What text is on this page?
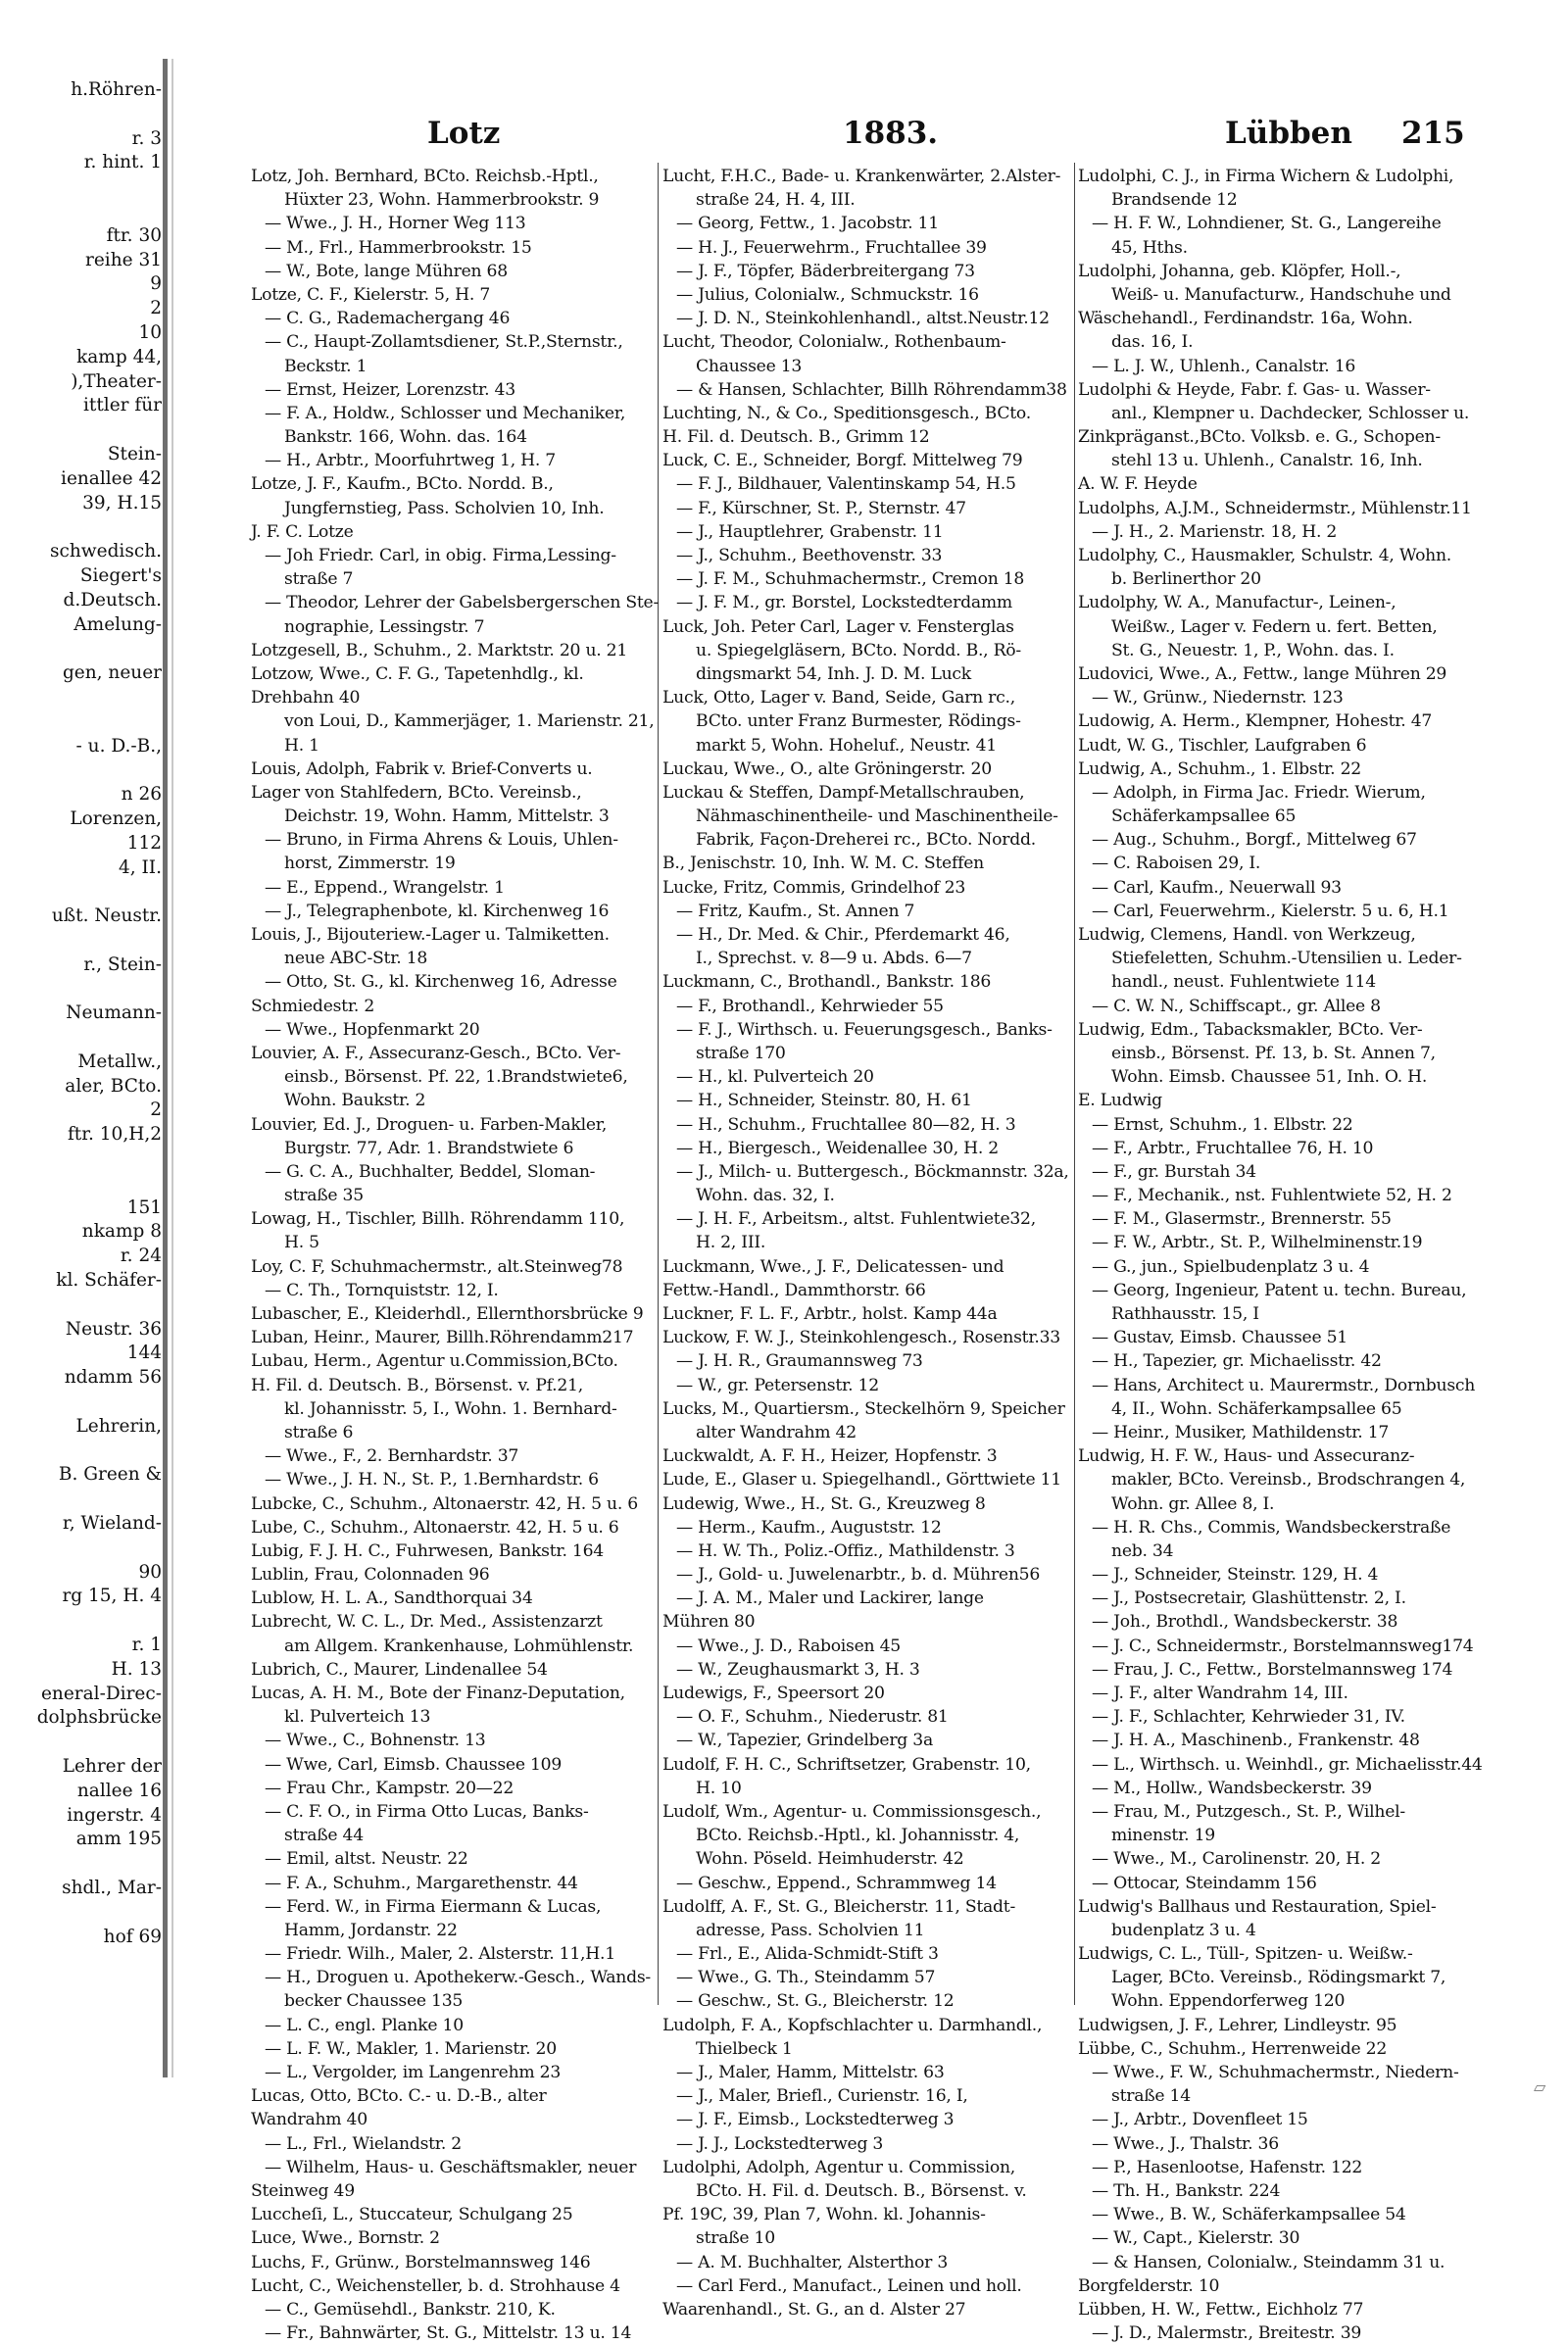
h.Röhren-
r. 3
r. hint. 1
ftr. 30
reihe 31
9
2
10
kamp 44,
),Theater-
ittler für
Stein-
ienallee 42
39, H.15
schwedisch.
Siegert's
d.Deutsch.
Amelung-
gen, neuer
- u. D.-B.,
n 26
Lorenzen,
112
4, II.
ußt. Neustr.
r., Stein-
Neumann-
Metallw.,
aler, BCto.
2
ftr. 10,H,2
151
nkamp 8
r. 24
kl. Schäfer-
Neustr. 36
144
ndamm 56
Lehrerin,
B. Green &
r, Wieland-
90
rg 15, H. 4
r. 1
H. 13
eneral-Direc-
dolphsbrücke
Lehrer der
nallee 16
ingerstr. 4
amm 195
shdl., Mar-
hof 69
Lotz	1883.	Lübben 215
Lotz, Joh. Bernhard, BCto. Reichsb.-Hptl.,
Hüxter 23, Wohn. Hammerbrookstr. 9
— Wwe., J. H., Horner Weg 113
— M., Frl., Hammerbrookstr. 15
— W., Bote, lange Mühren 68
Lotze, C. F., Kielerstr. 5, H. 7
— C. G., Rademachergang 46
— C., Haupt-Zollamtsdiener, St.P.,Sternstr.,
Beckstr. 1
— Ernst, Heizer, Lorenzstr. 43
— F. A., Holdw., Schlosser und Mechaniker,
Bankstr. 166, Wohn. das. 164
— H., Arbtr., Moorfuhrtweg 1, H. 7
Lotze, J. F., Kaufm., BCto. Nordd. B.,
Jungfernstieg, Pass. Scholvien 10, Inh.
J. F. C. Lotze
— Joh Friedr. Carl, in obig. Firma,Lessing-
straße 7
— Theodor, Lehrer der Gabelsbergerschen Ste-
nographie, Lessingstr. 7
Lotzgesell, B., Schuhm., 2. Marktstr. 20 u. 21
Lotzow, Wwe., C. F. G., Tapetenhdlg., kl.
Drehbahn 40
von Loui, D., Kammerjäger, 1. Marienstr. 21,
H. 1
Louis, Adolph, Fabrik v. Brief-Converts u.
Lager von Stahlfedern, BCto. Vereinsb.,
Deichstr. 19, Wohn. Hamm, Mittelstr. 3
— Bruno, in Firma Ahrens & Louis, Uhlen-
horst, Zimmerstr. 19
— E., Eppend., Wrangelstr. 1
— J., Telegraphenbote, kl. Kirchenweg 16
Louis, J., Bijouteriew.-Lager u. Talmiketten.
neue ABC-Str. 18
— Otto, St. G., kl. Kirchenweg 16, Adresse
Schmiedestr. 2
— Wwe., Hopfenmarkt 20
Louvier, A. F., Assecuranz-Gesch., BCto. Ver-
einsb., Börsenst. Pf. 22, 1.Brandstwiete6,
Wohn. Baukstr. 2
Louvier, Ed. J., Droguen- u. Farben-Makler,
Burgstr. 77, Adr. 1. Brandstwiete 6
— G. C. A., Buchhalter, Beddel, Sloman-
straße 35
Lowag, H., Tischler, Billh. Röhrendamm 110,
H. 5
Loy, C. F, Schuhmachermstr., alt.Steinweg78
— C. Th., Tornquiststr. 12, I.
Lubascher, E., Kleiderhdl., Ellernthorsbrücke 9
Luban, Heinr., Maurer, Billh.Röhrendamm217
Lubau, Herm., Agentur u.Commission,BCto.
H. Fil. d. Deutsch. B., Börsenst. v. Pf.21,
kl. Johannisstr. 5, I., Wohn. 1. Bernhard-
straße 6
— Wwe., F., 2. Bernhardstr. 37
— Wwe., J. H. N., St. P., 1.Bernhardstr. 6
Lubcke, C., Schuhm., Altonaerstr. 42, H. 5 u. 6
Lube, C., Schuhm., Altonaerstr. 42, H. 5 u. 6
Lubig, F. J. H. C., Fuhrwesen, Bankstr. 164
Lublin, Frau, Colonnaden 96
Lublow, H. L. A., Sandthorquai 34
Lubrecht, W. C. L., Dr. Med., Assistenzarzt
am Allgem. Krankenhause, Lohmühlenstr.
Lubrich, C., Maurer, Lindenallee 54
Lucas, A. H. M., Bote der Finanz-Deputation,
kl. Pulverteich 13
— Wwe., C., Bohnenstr. 13
— Wwe, Carl, Eimsb. Chaussee 109
— Frau Chr., Kampstr. 20—22
— C. F. O., in Firma Otto Lucas, Banks-
straße 44
— Emil, altst. Neustr. 22
— F. A., Schuhm., Margarethenstr. 44
— Ferd. W., in Firma Eiermann & Lucas,
Hamm, Jordanstr. 22
— Friedr. Wilh., Maler, 2. Alsterstr. 11,H.1
— H., Droguen u. Apothekerw.-Gesch., Wands-
becker Chaussee 135
— L. C., engl. Planke 10
— L. F. W., Makler, 1. Marienstr. 20
— L., Vergolder, im Langenrehm 23
Lucas, Otto, BCto. C.- u. D.-B., alter
Wandrahm 40
— L., Frl., Wielandstr. 2
— Wilhelm, Haus- u. Geschäftsmakler, neuer
Steinweg 49
Luccheſi, L., Stuccateur, Schulgang 25
Luce, Wwe., Bornstr. 2
Luchs, F., Grünw., Borstelmannsweg 146
Lucht, C., Weichensteller, b. d. Strohhause 4
— C., Gemüsehdl., Bankstr. 210, K.
— Fr., Bahnwärter, St. G., Mittelstr. 13 u. 14
Lucht, F.H.C., Bade- u. Krankenwärter, 2.Alster-
straße 24, H. 4, III.
— Georg, Fettw., 1. Jacobstr. 11
— H. J., Feuerwehrm., Fruchtallee 39
— J. F., Töpfer, Bäderbreitergang 73
— Julius, Colonialw., Schmuckstr. 16
— J. D. N., Steinkohlenhandl., altst.Neustr.12
Lucht, Theodor, Colonialw., Rothenbaum-
Chaussee 13
— & Hansen, Schlachter, Billh Röhrendamm38
Luchting, N., & Co., Speditionsgesch., BCto.
H. Fil. d. Deutsch. B., Grimm 12
Luck, C. E., Schneider, Borgf. Mittelweg 79
— F. J., Bildhauer, Valentinskamp 54, H.5
— F., Kürschner, St. P., Sternstr. 47
— J., Hauptlehrer, Grabenstr. 11
— J., Schuhm., Beethovenstr. 33
— J. F. M., Schuhmachermstr., Cremon 18
— J. F. M., gr. Borstel, Lockstedterdamm
Luck, Joh. Peter Carl, Lager v. Fensterglas
u. Spiegelgläsern, BCto. Nordd. B., Rö-
dingsmarkt 54, Inh. J. D. M. Luck
Luck, Otto, Lager v. Band, Seide, Garn rc.,
BCto. unter Franz Burmester, Rödings-
markt 5, Wohn. Hoheluf., Neustr. 41
Luckau, Wwe., O., alte Gröningerstr. 20
Luckau & Steffen, Dampf-Metallschrauben,
Nähmaschinentheile- und Maschinentheile-
Fabrik, Façon-Dreherei rc., BCto. Nordd.
B., Jenischstr. 10, Inh. W. M. C. Steffen
Lucke, Fritz, Commis, Grindelhof 23
— Fritz, Kaufm., St. Annen 7
— H., Dr. Med. & Chir., Pferdemarkt 46,
I., Sprechst. v. 8—9 u. Abds. 6—7
Luckmann, C., Brothandl., Bankstr. 186
— F., Brothandl., Kehrwieder 55
— F. J., Wirthsch. u. Feuerungsgesch., Banks-
straße 170
— H., kl. Pulverteich 20
— H., Schneider, Steinstr. 80, H. 61
— H., Schuhm., Fruchtallee 80—82, H. 3
— H., Biergesch., Weidenallee 30, H. 2
— J., Milch- u. Buttergesch., Böckmannstr. 32a,
Wohn. das. 32, I.
— J. H. F., Arbeitsm., altst. Fuhlentwiete32,
H. 2, III.
Luckmann, Wwe., J. F., Delicatessen- und
Fettw.-Handl., Dammthorstr. 66
Luckner, F. L. F., Arbtr., holst. Kamp 44a
Luckow, F. W. J., Steinkohlengesch., Rosenstr.33
— J. H. R., Graumannsweg 73
— W., gr. Petersenstr. 12
Lucks, M., Quartiersm., Steckelhörn 9, Speicher
alter Wandrahm 42
Luckwaldt, A. F. H., Heizer, Hopfenstr. 3
Lude, E., Glaser u. Spiegelhandl., Görttwiete 11
Ludewig, Wwe., H., St. G., Kreuzweg 8
— Herm., Kaufm., Auguststr. 12
— H. W. Th., Poliz.-Offiz., Mathildenstr. 3
— J., Gold- u. Juwelenarbtr., b. d. Mühren56
— J. A. M., Maler und Lackirer, lange
Mühren 80
— Wwe., J. D., Raboisen 45
— W., Zeughausmarkt 3, H. 3
Ludewigs, F., Speersort 20
— O. F., Schuhm., Niederustr. 81
— W., Tapezier, Grindelberg 3a
Ludolf, F. H. C., Schriftsetzer, Grabenstr. 10,
H. 10
Ludolf, Wm., Agentur- u. Commissionsgesch.,
BCto. Reichsb.-Hptl., kl. Johannisstr. 4,
Wohn. Pöseld. Heimhuderstr. 42
— Geschw., Eppend., Schrammweg 14
Ludolff, A. F., St. G., Bleicherstr. 11, Stadt-
adresse, Pass. Scholvien 11
— Frl., E., Alida-Schmidt-Stift 3
— Wwe., G. Th., Steindamm 57
— Geschw., St. G., Bleicherstr. 12
Ludolph, F. A., Kopfschlachter u. Darmhandl.,
Thielbeck 1
— J., Maler, Hamm, Mittelstr. 63
— J., Maler, Briefl., Curienstr. 16, I,
— J. F., Eimsb., Lockstedterweg 3
— J. J., Lockstedterweg 3
Ludolphi, Adolph, Agentur u. Commission,
BCto. H. Fil. d. Deutsch. B., Börsenst. v.
Pf. 19C, 39, Plan 7, Wohn. kl. Johannis-
straße 10
— A. M. Buchhalter, Alsterthor 3
— Carl Ferd., Manufact., Leinen und holl.
Waarenhandl., St. G., an d. Alster 27
Ludolphi, C. J., in Firma Wichern & Ludolphi,
Brandsende 12
— H. F. W., Lohndiener, St. G., Langereihe
45, Hths.
Ludolphi, Johanna, geb. Klöpfer, Holl.-,
Weiß- u. Manufacturw., Handschuhe und
Wäschehandl., Ferdinandstr. 16a, Wohn.
das. 16, I.
— L. J. W., Uhlenh., Canalstr. 16
Ludolphi & Heyde, Fabr. f. Gas- u. Wasser-
anl., Klempner u. Dachdecker, Schlosser u.
Zinkpräganst.,BCto. Volksb. e. G., Schopen-
stehl 13 u. Uhlenh., Canalstr. 16, Inh.
A. W. F. Heyde
Ludolphs, A.J.M., Schneidermstr., Mühlenstr.11
— J. H., 2. Marienstr. 18, H. 2
Ludolphy, C., Hausmakler, Schulstr. 4, Wohn.
b. Berlinerthor 20
Ludolphy, W. A., Manufactur-, Leinen-,
Weißw., Lager v. Federn u. fert. Betten,
St. G., Neuestr. 1, P., Wohn. das. I.
Ludovici, Wwe., A., Fettw., lange Mühren 29
— W., Grünw., Niedernstr. 123
Ludowig, A. Herm., Klempner, Hohestr. 47
Ludt, W. G., Tischler, Laufgraben 6
Ludwig, A., Schuhm., 1. Elbstr. 22
— Adolph, in Firma Jac. Friedr. Wierum,
Schäferkampsallee 65
— Aug., Schuhm., Borgf., Mittelweg 67
— C. Raboisen 29, I.
— Carl, Kaufm., Neuerwall 93
— Carl, Feuerwehrm., Kielerstr. 5 u. 6, H.1
Ludwig, Clemens, Handl. von Werkzeug,
Stiefeletten, Schuhm.-Utensilien u. Leder-
handl., neust. Fuhlentwiete 114
— C. W. N., Schiffscapt., gr. Allee 8
Ludwig, Edm., Tabacksmakler, BCto. Ver-
einsb., Börsenst. Pf. 13, b. St. Annen 7,
Wohn. Eimsb. Chaussee 51, Inh. O. H.
E. Ludwig
— Ernst, Schuhm., 1. Elbstr. 22
— F., Arbtr., Fruchtallee 76, H. 10
— F., gr. Burstah 34
— F., Mechanik., nst. Fuhlentwiete 52, H. 2
— F. M., Glasermstr., Brennerstr. 55
— F. W., Arbtr., St. P., Wilhelminenstr.19
— G., jun., Spielbudenplatz 3 u. 4
— Georg, Ingenieur, Patent u. techn. Bureau,
Rathhausstr. 15, I
— Gustav, Eimsb. Chaussee 51
— H., Tapezier, gr. Michaelisstr. 42
— Hans, Architect u. Maurermstr., Dornbusch
4, II., Wohn. Schäferkampsallee 65
— Heinr., Musiker, Mathildenstr. 17
Ludwig, H. F. W., Haus- und Assecuranz-
makler, BCto. Vereinsb., Brodschrangen 4,
Wohn. gr. Allee 8, I.
— H. R. Chs., Commis, Wandsbeckerstraße
neb. 34
— J., Schneider, Steinstr. 129, H. 4
— J., Postsecretair, Glashüttenstr. 2, I.
— Joh., Brothdl., Wandsbeckerstr. 38
— J. C., Schneidermstr., Borstelmannsweg174
— Frau, J. C., Fettw., Borstelmannsweg 174
— J. F., alter Wandrahm 14, III.
— J. F., Schlachter, Kehrwieder 31, IV.
— J. H. A., Maschinenb., Frankenstr. 48
— L., Wirthsch. u. Weinhdl., gr. Michaelisstr.44
— M., Hollw., Wandsbeckerstr. 39
— Frau, M., Putzgesch., St. P., Wilhel-
minenstr. 19
— Wwe., M., Carolinenstr. 20, H. 2
— Ottocar, Steindamm 156
Ludwig's Ballhaus und Restauration, Spiel-
budenplatz 3 u. 4
Ludwigs, C. L., Tüll-, Spitzen- u. Weißw.-
Lager, BCto. Vereinsb., Rödingsmarkt 7,
Wohn. Eppendorferweg 120
Ludwigsen, J. F., Lehrer, Lindleystr. 95
Lübbe, C., Schuhm., Herrenweide 22
— Wwe., F. W., Schuhmachermstr., Niedern-
straße 14
— J., Arbtr., Dovenfleet 15
— Wwe., J., Thalstr. 36
— P., Hasenlootse, Hafenstr. 122
— Th. H., Bankstr. 224
— Wwe., B. W., Schäferkampsallee 54
— W., Capt., Kielerstr. 30
— & Hansen, Colonialw., Steindamm 31 u.
Borgfelderstr. 10
Lübben, H. W., Fettw., Eichholz 77
— J. D., Malermstr., Breitestr. 39
▱
